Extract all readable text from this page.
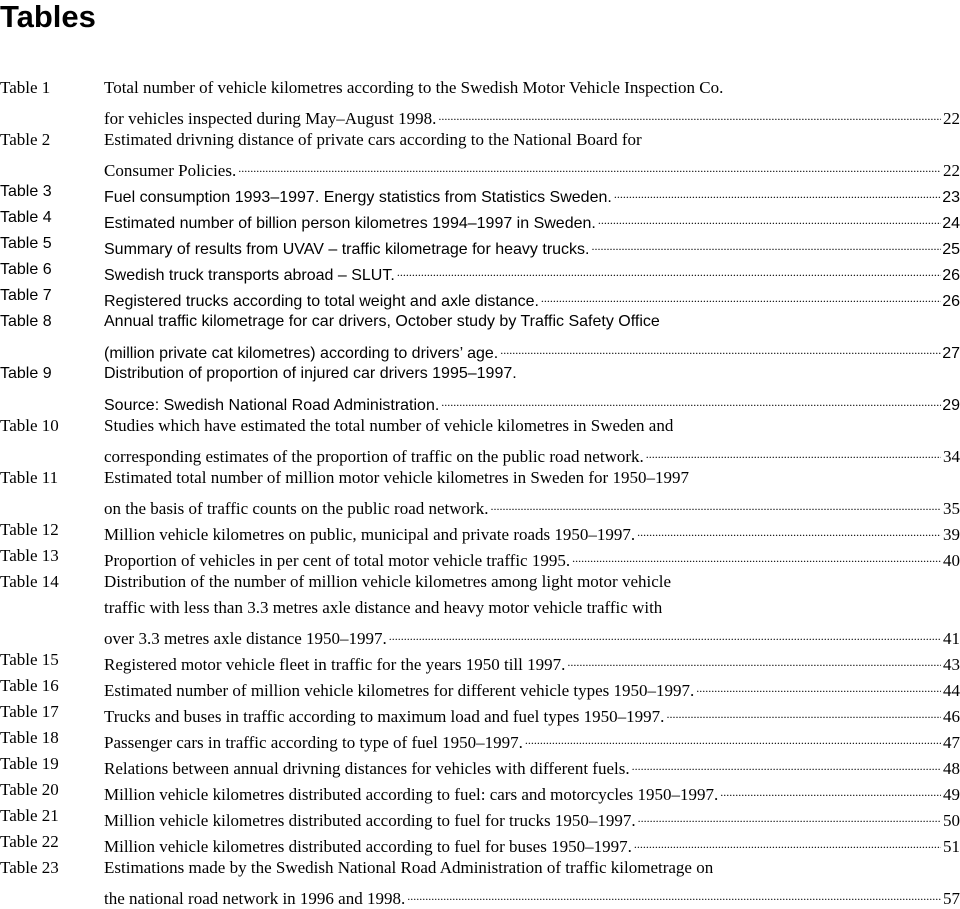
Tables
Table 1	Total number of vehicle kilometres according to the Swedish Motor Vehicle Inspection Co.
for vehicles inspected during May–August 1998. .....	22
Table 2	Estimated drivning distance of private cars according to the National Board for
Consumer Policies. .....	22
Table 3	Fuel consumption 1993–1997. Energy statistics from Statistics Sweden. .....	23
Table 4	Estimated number of billion person kilometres 1994–1997 in Sweden. .....	24
Table 5	Summary of results from UVAV – traffic kilometrage for heavy trucks. .....	25
Table 6	Swedish truck transports abroad – SLUT. .....	26
Table 7	Registered trucks according to total weight and axle distance. .....	26
Table 8	Annual traffic kilometrage for car drivers, October study by Traffic Safety Office
(million private cat kilometres) according to drivers’ age. .....	27
Table 9	Distribution of proportion of injured car drivers 1995–1997.
Source: Swedish National Road Administration. .....	29
Table 10	Studies which have estimated the total number of vehicle kilometres in Sweden and
corresponding estimates of the proportion of traffic on the public road network. .....	34
Table 11	Estimated total number of million motor vehicle kilometres in Sweden for 1950–1997
on the basis of traffic counts on the public road network. .....	35
Table 12	Million vehicle kilometres on public, municipal and private roads 1950–1997. .....	39
Table 13	Proportion of vehicles in per cent of total motor vehicle traffic 1995. .....	40
Table 14	Distribution of the number of million vehicle kilometres among light motor vehicle
traffic with less than 3.3 metres axle distance and heavy motor vehicle traffic with
over 3.3 metres axle distance 1950–1997. .....	41
Table 15	Registered motor vehicle fleet in traffic for the years 1950 till 1997. .....	43
Table 16	Estimated number of million vehicle kilometres for different vehicle types 1950–1997. .....	44
Table 17	Trucks and buses in traffic according to maximum load and fuel types 1950–1997. .....	46
Table 18	Passenger cars in traffic according to type of fuel 1950–1997. .....	47
Table 19	Relations between annual drivning distances for vehicles with different fuels. .....	48
Table 20	Million vehicle kilometres distributed according to fuel: cars and motorcycles 1950–1997. .....	49
Table 21	Million vehicle kilometres distributed according to fuel for trucks 1950–1997. .....	50
Table 22	Million vehicle kilometres distributed according to fuel for buses 1950–1997. .....	51
Table 23	Estimations made by the Swedish National Road Administration of traffic kilometrage on
the national road network in 1996 and 1998. .....	57
